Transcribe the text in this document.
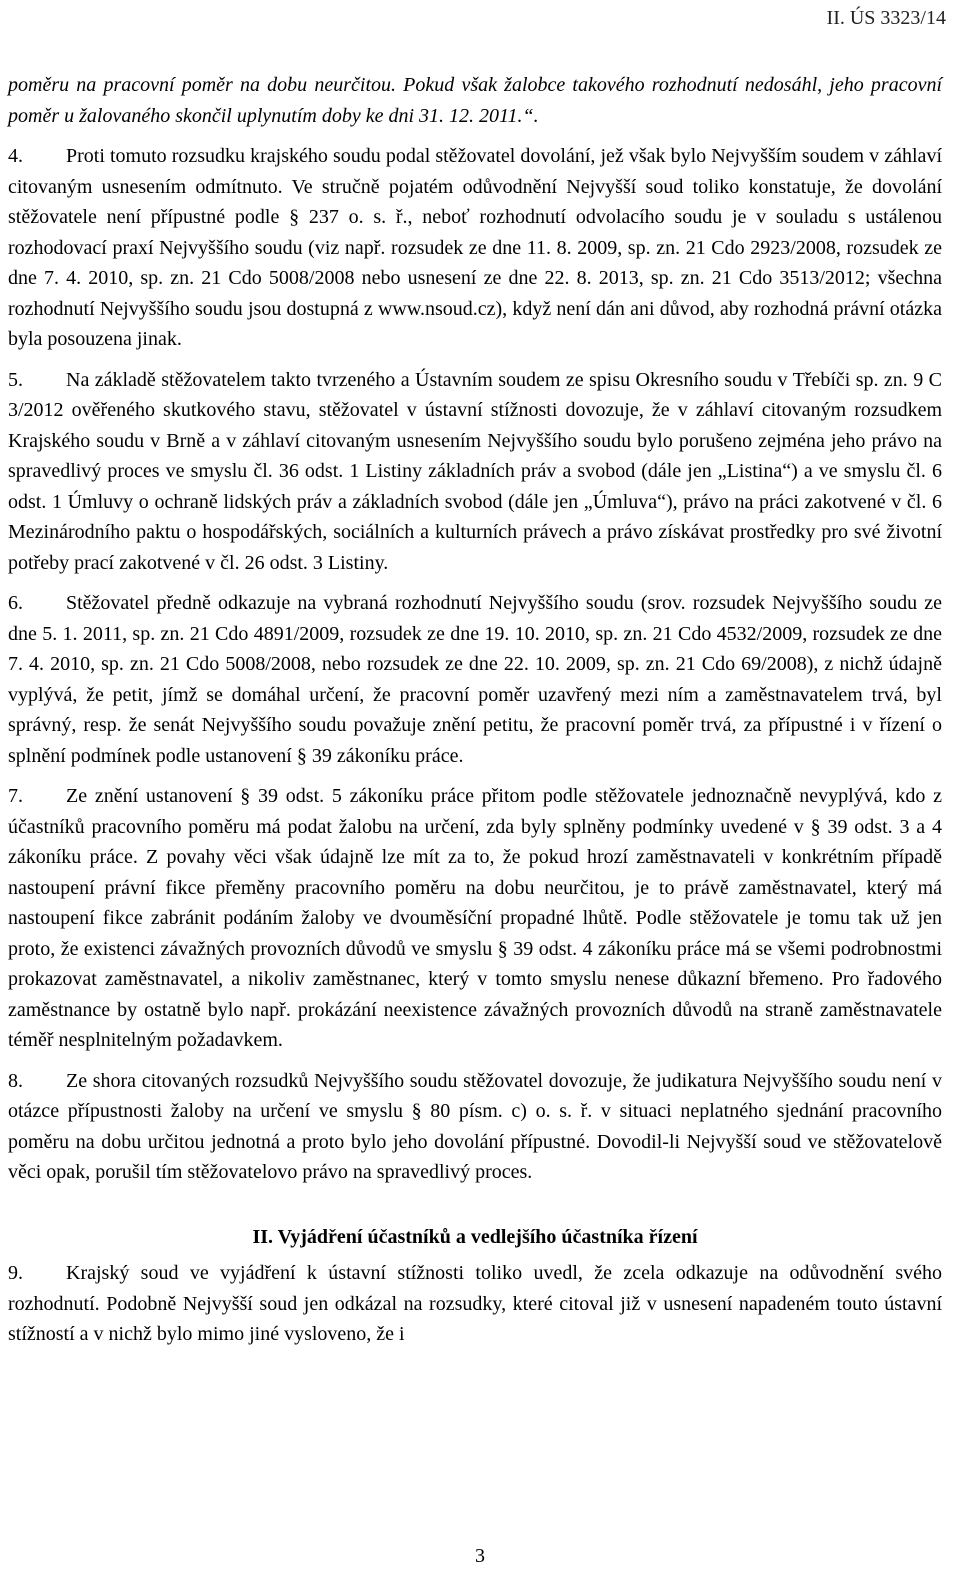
II. ÚS 3323/14

poměru na pracovní poměr na dobu neurčitou. Pokud však žalobce takového rozhodnutí nedosáhl, jeho pracovní poměr u žalovaného skončil uplynutím doby ke dni 31. 12. 2011.“.

4. Proti tomuto rozsudku krajského soudu podal stěžovatel dovolání, jež však bylo Nejvyšším soudem v záhlaví citovaným usnesením odmítnuto. Ve stručně pojatém odůvodnění Nejvyšší soud toliko konstatuje, že dovolání stěžovatele není přípustné podle § 237 o. s. ř., neboť rozhodnutí odvolacího soudu je v souladu s ustálenou rozhodovací praxí Nejvyššího soudu (viz např. rozsudek ze dne 11. 8. 2009, sp. zn. 21 Cdo 2923/2008, rozsudek ze dne 7. 4. 2010, sp. zn. 21 Cdo 5008/2008 nebo usnesení ze dne 22. 8. 2013, sp. zn. 21 Cdo 3513/2012; všechna rozhodnutí Nejvyššího soudu jsou dostupná z www.nsoud.cz), když není dán ani důvod, aby rozhodná právní otázka byla posouzena jinak.

5. Na základě stěžovatelem takto tvrzeného a Ústavním soudem ze spisu Okresního soudu v Třebíči sp. zn. 9 C 3/2012 ověřeného skutkového stavu, stěžovatel v ústavní stížnosti dovozuje, že v záhlaví citovaným rozsudkem Krajského soudu v Brně a v záhlaví citovaným usnesením Nejvyššího soudu bylo porušeno zejména jeho právo na spravedlivý proces ve smyslu čl. 36 odst. 1 Listiny základních práv a svobod (dále jen „Listina“) a ve smyslu čl. 6 odst. 1 Úmluvy o ochraně lidských práv a základních svobod (dále jen „Úmluva“), právo na práci zakotvené v čl. 6 Mezinárodního paktu o hospodářských, sociálních a kulturních právech a právo získávat prostředky pro své životní potřeby prací zakotvené v čl. 26 odst. 3 Listiny.

6. Stěžovatel předně odkazuje na vybraná rozhodnutí Nejvyššího soudu (srov. rozsudek Nejvyššího soudu ze dne 5. 1. 2011, sp. zn. 21 Cdo 4891/2009, rozsudek ze dne 19. 10. 2010, sp. zn. 21 Cdo 4532/2009, rozsudek ze dne 7. 4. 2010, sp. zn. 21 Cdo 5008/2008, nebo rozsudek ze dne 22. 10. 2009, sp. zn. 21 Cdo 69/2008), z nichž údajně vyplývá, že petit, jímž se domáhal určení, že pracovní poměr uzavřený mezi ním a zaměstnavatelem trvá, byl správný, resp. že senát Nejvyššího soudu považuje znění petitu, že pracovní poměr trvá, za přípustné i v řízení o splnění podmínek podle ustanovení § 39 zákoníku práce.

7. Ze znění ustanovení § 39 odst. 5 zákoníku práce přitom podle stěžovatele jednoznačně nevyplývá, kdo z účastníků pracovního poměru má podat žalobu na určení, zda byly splněny podmínky uvedené v § 39 odst. 3 a 4 zákoníku práce. Z povahy věci však údajně lze mít za to, že pokud hrozí zaměstnavateli v konkrétním případě nastoupení právní fikce přeměny pracovního poměru na dobu neurčitou, je to právě zaměstnavatel, který má nastoupení fikce zabránit podáním žaloby ve dvouměsíční propadné lhůtě. Podle stěžovatele je tomu tak už jen proto, že existenci závažných provozních důvodů ve smyslu § 39 odst. 4 zákoníku práce má se všemi podrobnostmi prokazovat zaměstnavatel, a nikoliv zaměstnanec, který v tomto smyslu nenese důkazní břemeno. Pro řadového zaměstnance by ostatně bylo např. prokázání neexistence závažných provozních důvodů na straně zaměstnavatele téměř nesplnitelným požadavkem.

8. Ze shora citovaných rozsudků Nejvyššího soudu stěžovatel dovozuje, že judikatura Nejvyššího soudu není v otázce přípustnosti žaloby na určení ve smyslu § 80 písm. c) o. s. ř. v situaci neplatného sjednání pracovního poměru na dobu určitou jednotná a proto bylo jeho dovolání přípustné. Dovodil-li Nejvyšší soud ve stěžovatelově věci opak, porušil tím stěžovatelovo právo na spravedlivý proces.

II. Vyjádření účastníků a vedlejšího účastníka řízení

9. Krajský soud ve vyjádření k ústavní stížnosti toliko uvedl, že zcela odkazuje na odůvodnění svého rozhodnutí. Podobně Nejvyšší soud jen odkázal na rozsudky, které citoval již v usnesení napadeném touto ústavní stížností a v nichž bylo mimo jiné vysloveno, že i

3
